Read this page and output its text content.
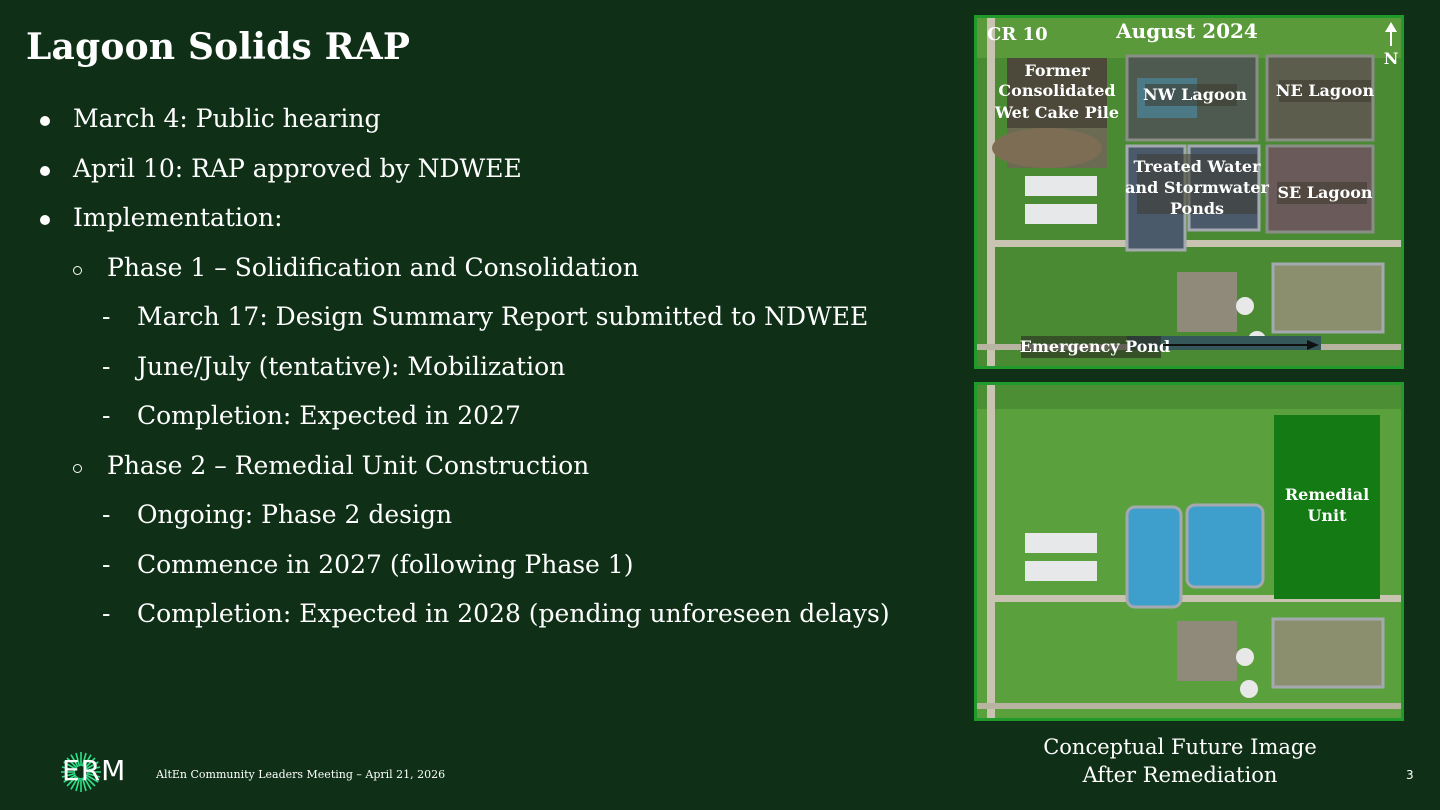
Lagoon Solids RAP
March 4: Public hearing
April 10: RAP approved by NDWEE
Implementation:
Phase 1 – Solidification and Consolidation
- March 17: Design Summary Report submitted to NDWEE
- June/July (tentative): Mobilization
- Completion: Expected in 2027
Phase 2 – Remedial Unit Construction
- Ongoing: Phase 2 design
- Commence in 2027 (following Phase 1)
- Completion: Expected in 2028 (pending unforeseen delays)
CR 10	August 2024
N
Former
Consolidated
Wet Cake Pile
NW Lagoon NE Lagoon
Treated Water
and Stormwater
Ponds
SE Lagoon
Emergency Pond
Remedial
Unit
Conceptual Future Image
After Remediation
ERM	AltEn Community Leaders Meeting – April 21, 2026	3
